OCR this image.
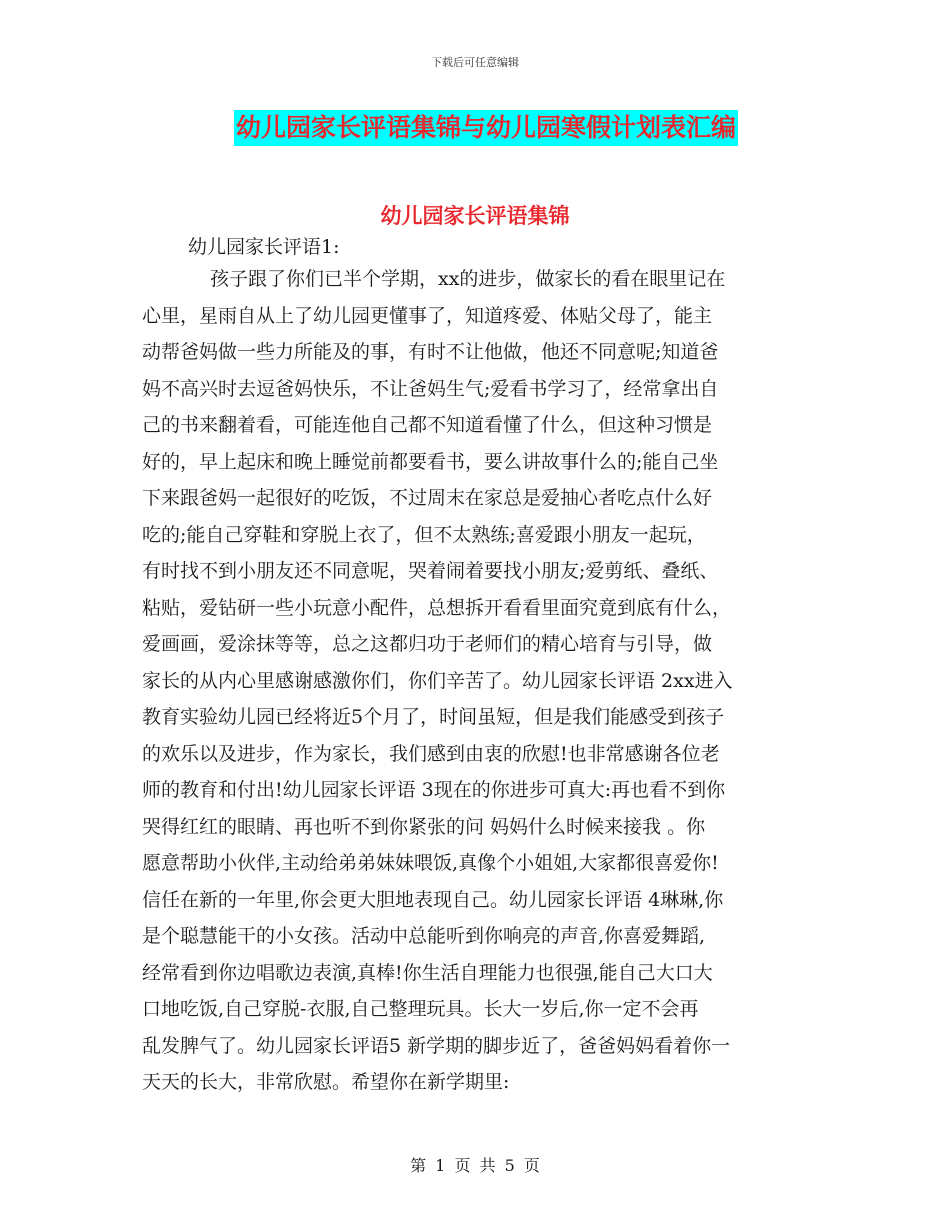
下载后可任意编辑
幼儿园家长评语集锦与幼儿园寒假计划表汇编
幼儿园家长评语集锦
幼儿园家长评语1:
孩子跟了你们已半个学期，xx的进步，做家长的看在眼里记在
心里，星雨自从上了幼儿园更懂事了，知道疼爱、体贴父母了，能主
动帮爸妈做一些力所能及的事，有时不让他做，他还不同意呢;知道爸
妈不高兴时去逗爸妈快乐，不让爸妈生气;爱看书学习了，经常拿出自
己的书来翻着看，可能连他自己都不知道看懂了什么，但这种习惯是
好的，早上起床和晚上睡觉前都要看书，要么讲故事什么的;能自己坐
下来跟爸妈一起很好的吃饭，不过周末在家总是爱抽心者吃点什么好
吃的;能自己穿鞋和穿脱上衣了，但不太熟练;喜爱跟小朋友一起玩，
有时找不到小朋友还不同意呢，哭着闹着要找小朋友;爱剪纸、叠纸、
粘贴，爱钻研一些小玩意小配件，总想拆开看看里面究竟到底有什么，
爱画画，爱涂抹等等，总之这都归功于老师们的精心培育与引导，做
家长的从内心里感谢感激你们，你们辛苦了。幼儿园家长评语 2xx进入
教育实验幼儿园已经将近5个月了，时间虽短，但是我们能感受到孩子
的欢乐以及进步，作为家长，我们感到由衷的欣慰!也非常感谢各位老
师的教育和付出!幼儿园家长评语 3现在的你进步可真大:再也看不到你
哭得红红的眼睛、再也听不到你紧张的问 妈妈什么时候来接我 。你
愿意帮助小伙伴,主动给弟弟妹妹喂饭,真像个小姐姐,大家都很喜爱你!
信任在新的一年里,你会更大胆地表现自己。幼儿园家长评语 4琳琳,你
是个聪慧能干的小女孩。活动中总能听到你响亮的声音,你喜爱舞蹈,
经常看到你边唱歌边表演,真棒!你生活自理能力也很强,能自己大口大
口地吃饭,自己穿脱-衣服,自己整理玩具。长大一岁后,你一定不会再
乱发脾气了。幼儿园家长评语5 新学期的脚步近了，爸爸妈妈看着你一
天天的长大，非常欣慰。希望你在新学期里:
第 1 页 共 5 页
